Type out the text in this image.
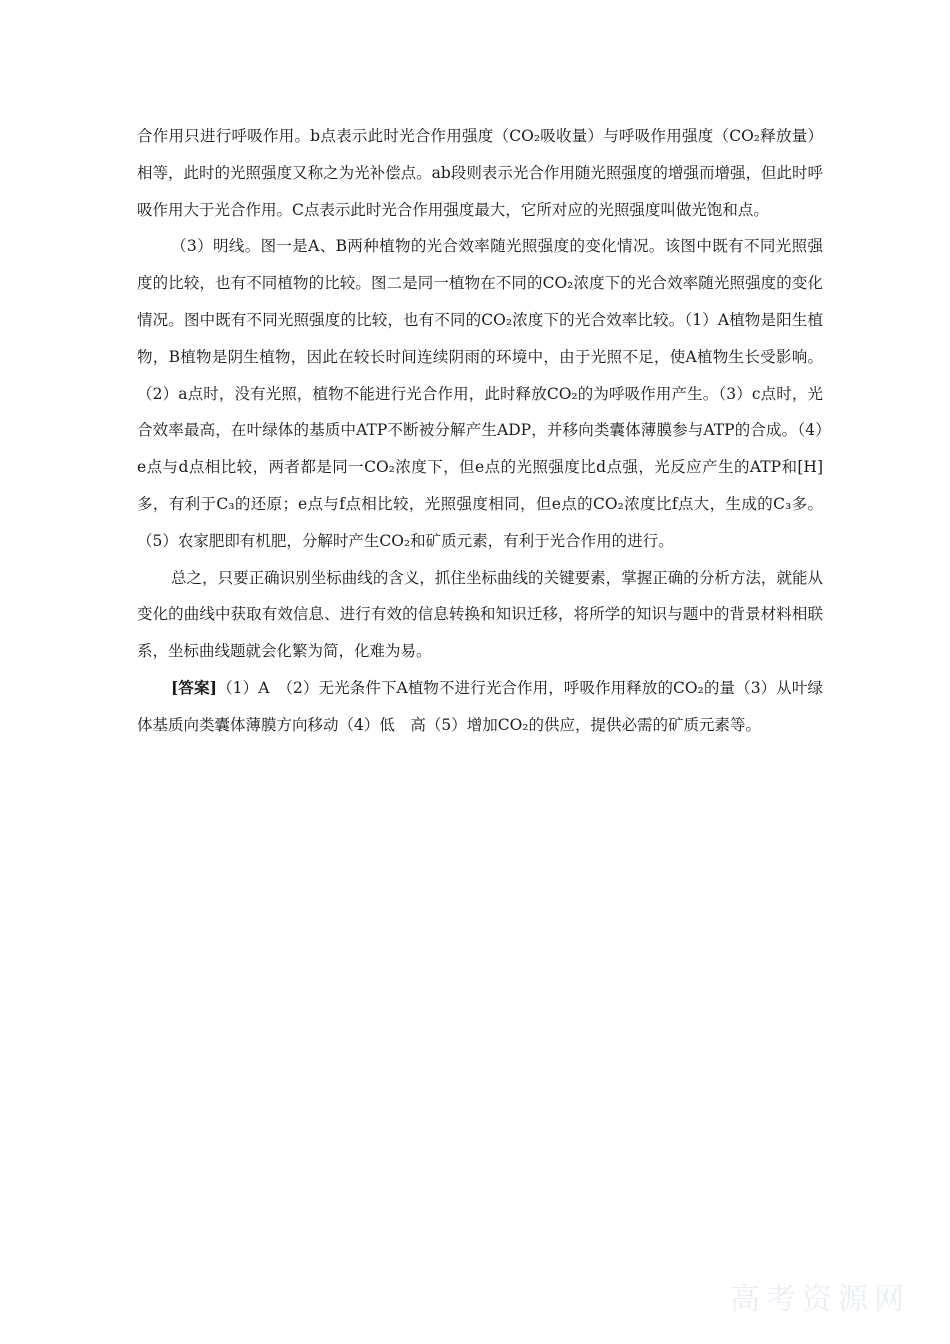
合作用只进行呼吸作用。b点表示此时光合作用强度（CO₂吸收量）与呼吸作用强度（CO₂释放量）相等，此时的光照强度又称之为光补偿点。ab段则表示光合作用随光照强度的增强而增强，但此时呼吸作用大于光合作用。C点表示此时光合作用强度最大，它所对应的光照强度叫做光饱和点。

（3）明线。图一是A、B两种植物的光合效率随光照强度的变化情况。该图中既有不同光照强度的比较，也有不同植物的比较。图二是同一植物在不同的CO₂浓度下的光合效率随光照强度的变化情况。图中既有不同光照强度的比较，也有不同的CO₂浓度下的光合效率比较。（1）A植物是阳生植物，B植物是阴生植物，因此在较长时间连续阴雨的环境中，由于光照不足，使A植物生长受影响。（2）a点时，没有光照，植物不能进行光合作用，此时释放CO₂的为呼吸作用产生。（3）c点时，光合效率最高，在叶绿体的基质中ATP不断被分解产生ADP，并移向类囊体薄膜参与ATP的合成。（4）e点与d点相比较，两者都是同一CO₂浓度下，但e点的光照强度比d点强，光反应产生的ATP和[H]多，有利于C₃的还原；e点与f点相比较，光照强度相同，但e点的CO₂浓度比f点大，生成的C₃多。（5）农家肥即有机肥，分解时产生CO₂和矿质元素，有利于光合作用的进行。

总之，只要正确识别坐标曲线的含义，抓住坐标曲线的关键要素，掌握正确的分析方法，就能从变化的曲线中获取有效信息、进行有效的信息转换和知识迁移，将所学的知识与题中的背景材料相联系，坐标曲线题就会化繁为简，化难为易。

[答案]（1）A　（2）无光条件下A植物不进行光合作用，呼吸作用释放的CO₂的量（3）从叶绿体基质向类囊体薄膜方向移动（4）低　高（5）增加CO₂的供应，提供必需的矿质元素等。

高考资源网
